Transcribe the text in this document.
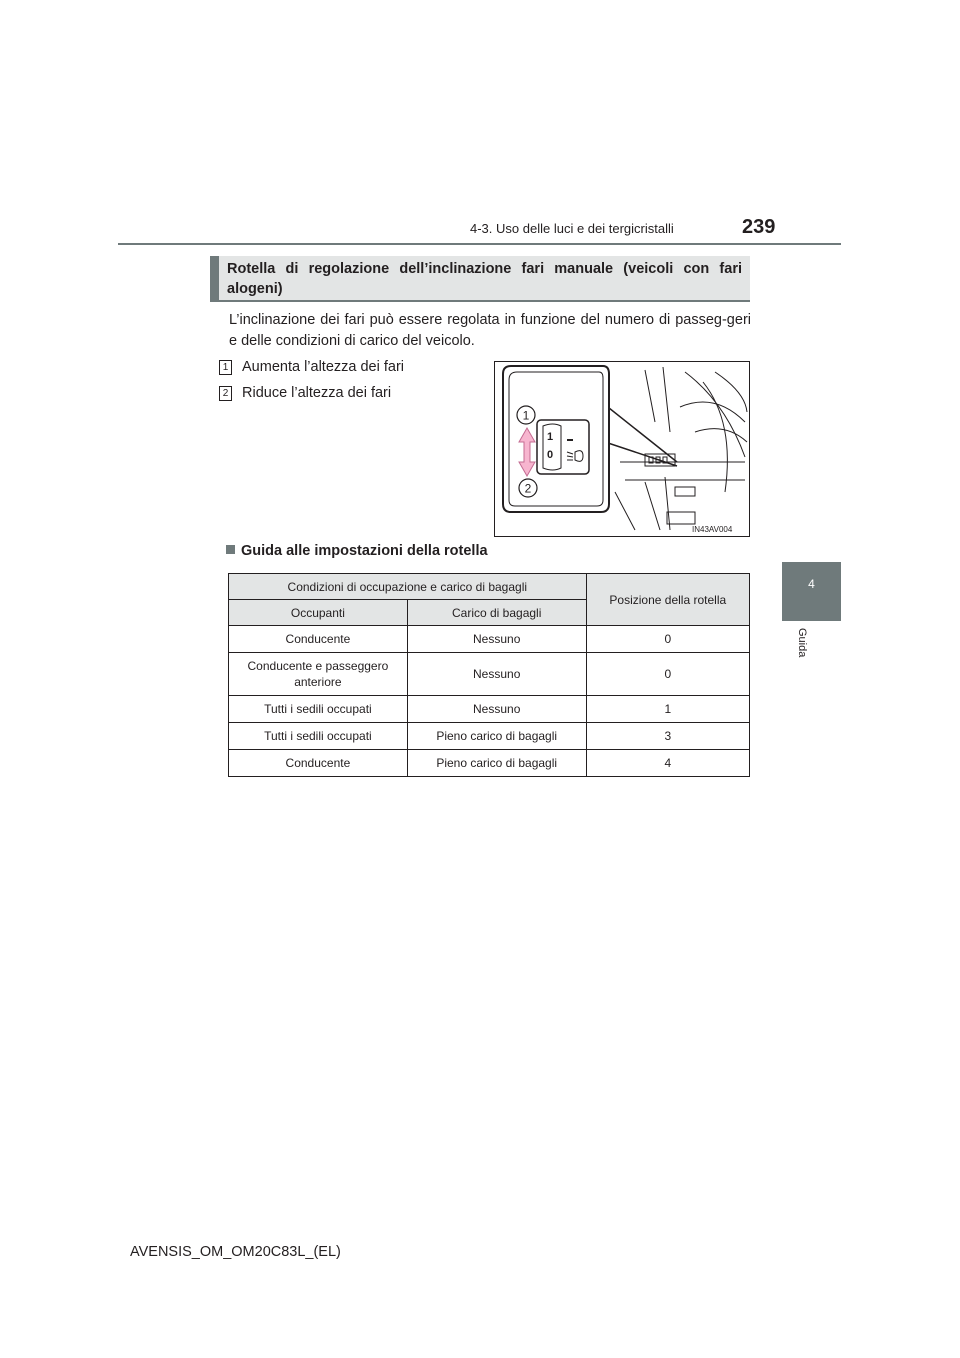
4-3. Uso delle luci e dei tergicristalli	239
4
Guida
Rotella di regolazione dell’inclinazione fari manuale (veicoli con fari alogeni)
L’inclinazione dei fari può essere regolata in funzione del numero di passeg-geri e delle condizioni di carico del veicolo.
1 Aumenta l’altezza dei fari
2 Riduce l’altezza dei fari
1
0
1
2
IN43AV004
Guida alle impostazioni della rotella
Condizioni di occupazione e carico di bagagli		Posizione della rotella
Occupanti	Carico di bagagli	
Conducente	Nessuno	0
Conducente e passeggero anteriore	Nessuno	0
Tutti i sedili occupati	Nessuno	1
Tutti i sedili occupati	Pieno carico di bagagli	3
Conducente	Pieno carico di bagagli	4
AVENSIS_OM_OM20C83L_(EL)
